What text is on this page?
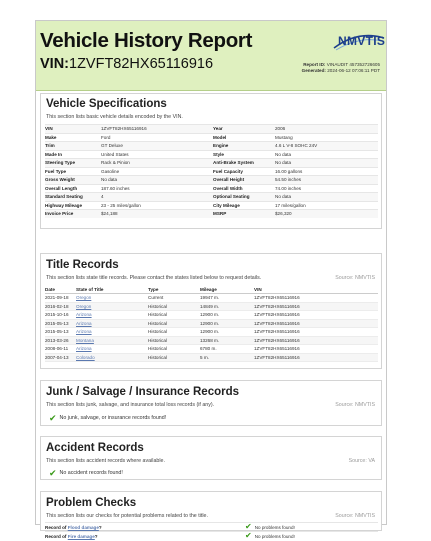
Vehicle History Report
VIN:1ZVFT82HX65116916
NMVTIS
Report ID: VINAUDIT 457352726605
Generated: 2024-06-12 07:06:11 PDT
Vehicle Specifications
This section lists basic vehicle details encoded by the VIN.
VIN	1ZVFT82HX65116916	Year	2006
Make	Ford	Model	Mustang
Trim	GT Deluxe	Engine	4.6 L V-8 SOHC 24V
Made In	United States	Style	No data
Steering Type	Rack & Pinion	Anti-Brake System	No data
Fuel Type	Gasoline	Fuel Capacity	16.00 gallons
Gross Weight	No data	Overall Height	54.50 inches
Overall Length	187.60 inches	Overall Width	74.00 inches
Standard Seating	4	Optional Seating	No data
Highway Mileage	23 - 25 miles/gallon	City Mileage	17 miles/gallon
Invoice Price	$24,188	MSRP	$26,320
Title Records
This section lists state title records. Please contact the states listed below to request details.	Source: NMVTIS
Date	State of Title	Type	Mileage	VIN
2021-09-18	Oregon	Current	19947 m.	1ZVFT82HX65116916
2016-02-18	Oregon	Historical	14849 m.	1ZVFT82HX65116916
2015-10-16	Arizona	Historical	12900 m.	1ZVFT82HX65116916
2015-05-13	Arizona	Historical	12900 m.	1ZVFT82HX65116916
2015-05-13	Arizona	Historical	12900 m.	1ZVFT82HX65116916
2013-03-26	Montana	Historical	13268 m.	1ZVFT82HX65116916
2008-06-11	Arizona	Historical	6780 m.	1ZVFT82HX65116916
2007-04-13	Colorado	Historical	5 m.	1ZVFT82HX65116916
Junk / Salvage / Insurance Records
This section lists junk, salvage, and insurance total loss records (if any).	Source: NMVTIS
✔ No junk, salvage, or insurance records found!
Accident Records
This section lists accident records where available.	Source: VA
✔ No accident records found!
Problem Checks
This section lists our checks for potential problems related to the title.	Source: NMVTIS
Record of Flood damage?	✔ No problems found!
Record of Fire damage?	✔ No problems found!
